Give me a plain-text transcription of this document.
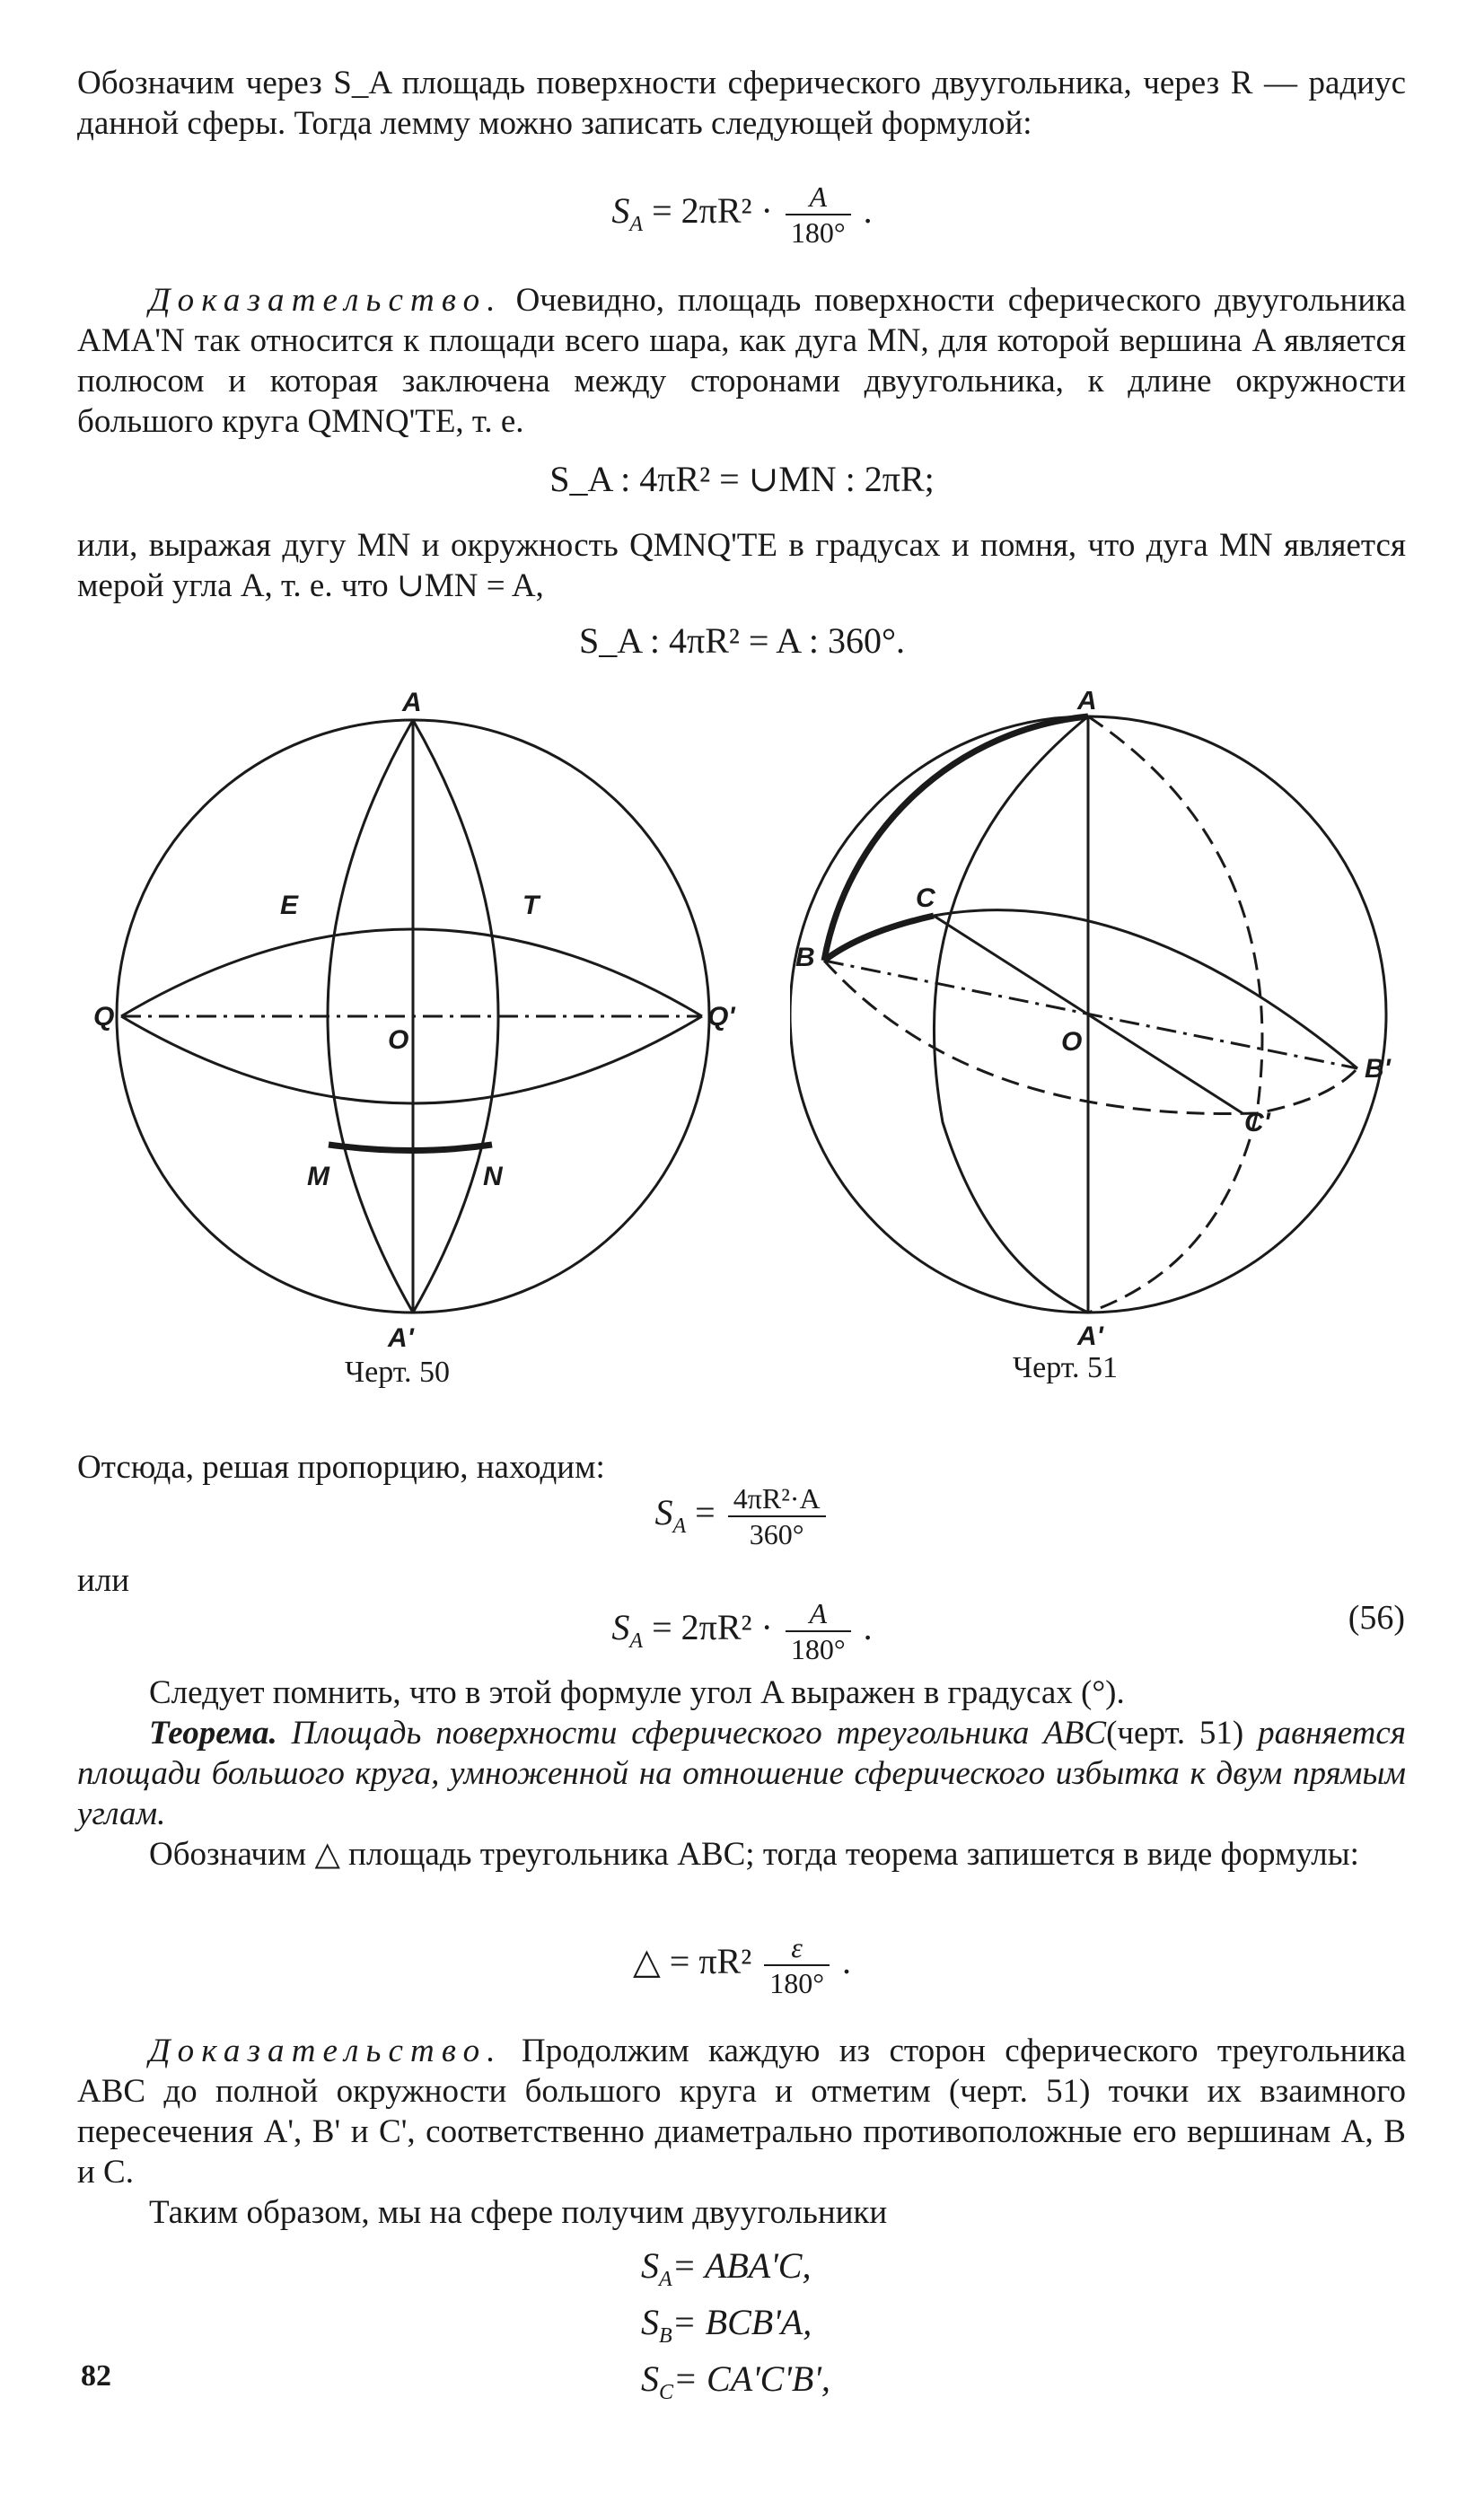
Обозначим через S_A площадь поверхности сферического двуугольника, через R — радиус данной сферы. Тогда лемму можно записать следующей формулой:

$S_A = 2\pi R^2 \cdot \frac{A}{180^\circ}$ .

Доказательство. Очевидно, площадь поверхности сферического двуугольника AMA'N так относится к площади всего шара, как дуга MN, для которой вершина A является полюсом и которая заключена между сторонами двуугольника, к длине окружности большого круга QMNQ'TE, т. е.

S_A : 4πR² = ∪MN : 2πR;

или, выражая дугу MN и окружность QMNQ'TE в градусах и помня, что дуга MN является мерой угла A, т. е. что ∪MN = A,

S_A : 4πR² = A : 360°.
A
A'
E	T
Q	Q'
O
M	N
Черт. 50
A
A'
B
B'
C
C'
O
Черт. 51

Отсюда, решая пропорцию, находим:

$S_A = \frac{\text{4πR²·A}}{360^\circ}$

или

$S_A = 2\pi R^2 \cdot \frac{A}{180^\circ}$ .	(56)

Следует помнить, что в этой формуле угол A выражен в градусах (°).

Теорема. Площадь поверхности сферического треугольника ABC(черт. 51) равняется площади большого круга, умноженной на отношение сферического избытка к двум прямым углам.

Обозначим △ площадь треугольника ABC; тогда теорема запишется в виде формулы:

△ = $\pi R^2 \frac{\varepsilon}{180^\circ}$ .

Доказательство. Продолжим каждую из сторон сферического треугольника ABC до полной окружности большого круга и отметим (черт. 51) точки их взаимного пересечения A', B' и C', соответственно диаметрально противоположные его вершинам A, B и C.

Таким образом, мы на сфере получим двуугольники

$S_A= ABA'C$,
$S_B= BCB'A$,
$S_C= CA'C'B'$,
82
